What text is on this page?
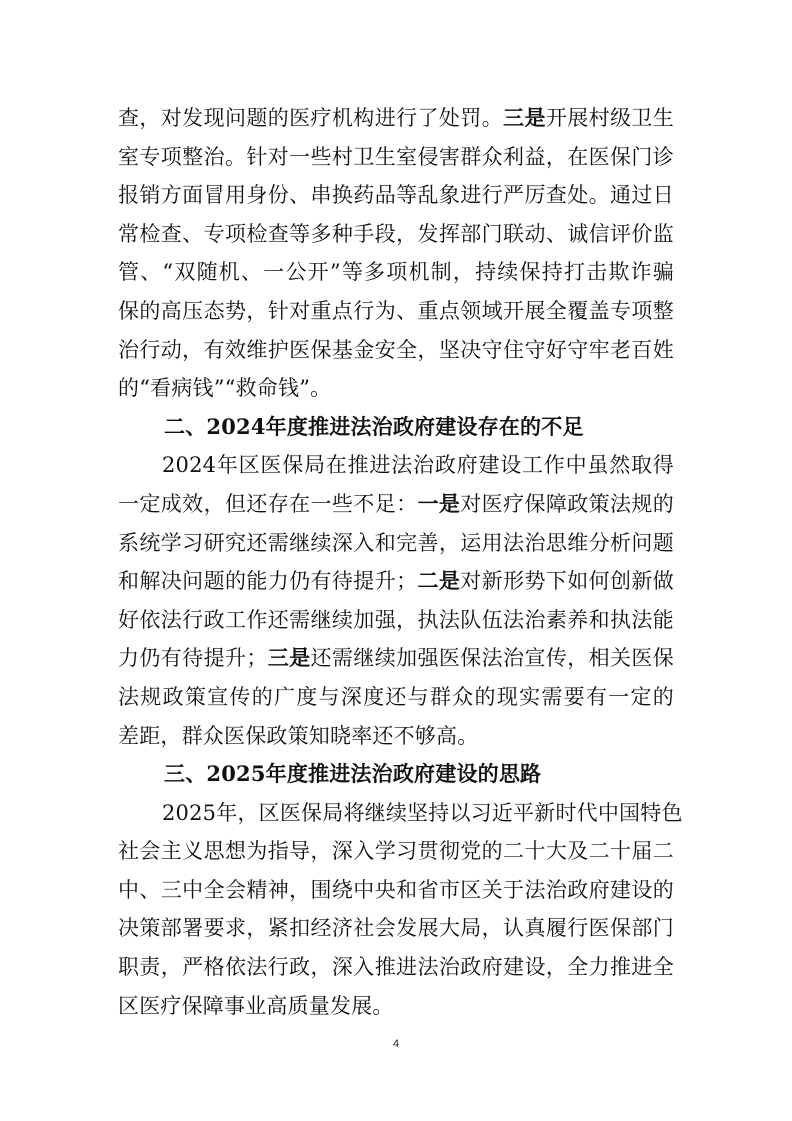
查，对发现问题的医疗机构进行了处罚。三是开展村级卫生
室专项整治。针对一些村卫生室侵害群众利益，在医保门诊
报销方面冒用身份、串换药品等乱象进行严厉查处。通过日
常检查、专项检查等多种手段，发挥部门联动、诚信评价监
管、“双随机、一公开”等多项机制，持续保持打击欺诈骗
保的高压态势，针对重点行为、重点领域开展全覆盖专项整
治行动，有效维护医保基金安全，坚决守住守好守牢老百姓
的“看病钱”“救命钱”。
二、2024年度推进法治政府建设存在的不足
2024年区医保局在推进法治政府建设工作中虽然取得
一定成效，但还存在一些不足：一是对医疗保障政策法规的
系统学习研究还需继续深入和完善，运用法治思维分析问题
和解决问题的能力仍有待提升；二是对新形势下如何创新做
好依法行政工作还需继续加强，执法队伍法治素养和执法能
力仍有待提升；三是还需继续加强医保法治宣传，相关医保
法规政策宣传的广度与深度还与群众的现实需要有一定的
差距，群众医保政策知晓率还不够高。
三、2025年度推进法治政府建设的思路
2025年，区医保局将继续坚持以习近平新时代中国特色
社会主义思想为指导，深入学习贯彻党的二十大及二十届二
中、三中全会精神，围绕中央和省市区关于法治政府建设的
决策部署要求，紧扣经济社会发展大局，认真履行医保部门
职责，严格依法行政，深入推进法治政府建设，全力推进全
区医疗保障事业高质量发展。
4
